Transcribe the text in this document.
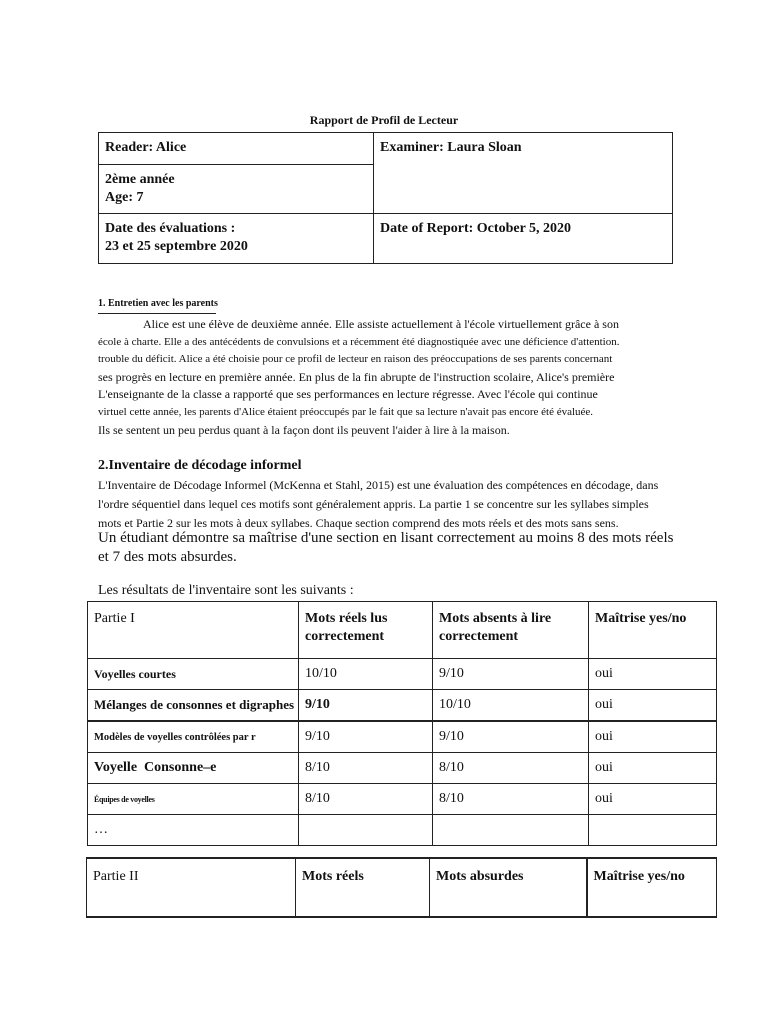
Rapport de Profil de Lecteur
Reader: Alice	Examiner: Laura Sloan

2ème année
Age: 7	

Date des évaluations :
23 et 25 septembre 2020	Date of Report: October 5, 2020
1. Entretien avec les parents
Alice est une élève de deuxième année. Elle assiste actuellement à l'école virtuellement grâce à son
école à charte. Elle a des antécédents de convulsions et a récemment été diagnostiquée avec une déficience d'attention.
trouble du déficit. Alice a été choisie pour ce profil de lecteur en raison des préoccupations de ses parents concernant
ses progrès en lecture en première année. En plus de la fin abrupte de l'instruction scolaire, Alice's première
L'enseignante de la classe a rapporté que ses performances en lecture régresse. Avec l'école qui continue
virtuel cette année, les parents d'Alice étaient préoccupés par le fait que sa lecture n'avait pas encore été évaluée.
Ils se sentent un peu perdus quant à la façon dont ils peuvent l'aider à lire à la maison.
2.Inventaire de décodage informel
L'Inventaire de Décodage Informel (McKenna et Stahl, 2015) est une évaluation des compétences en décodage, dans
l'ordre séquentiel dans lequel ces motifs sont généralement appris. La partie 1 se concentre sur les syllabes simples
mots et Partie 2 sur les mots à deux syllabes. Chaque section comprend des mots réels et des mots sans sens.
Un étudiant démontre sa maîtrise d'une section en lisant correctement au moins 8 des mots réels
et 7 des mots absurdes.
Les résultats de l'inventaire sont les suivants :
Partie I	Mots réels lus correctement	Mots absents à lire correctement	Maîtrise yes/no
Voyelles courtes	10/10	9/10	oui
Mélanges de consonnes et digraphes	9/10	10/10	oui
Modèles de voyelles contrôlées par r	9/10	9/10	oui
Voyelle  Consonne–e	8/10	8/10	oui
Équipes de voyelles	8/10	8/10	oui
…			
Partie II	Mots réels	Mots absurdes	Maîtrise yes/no
